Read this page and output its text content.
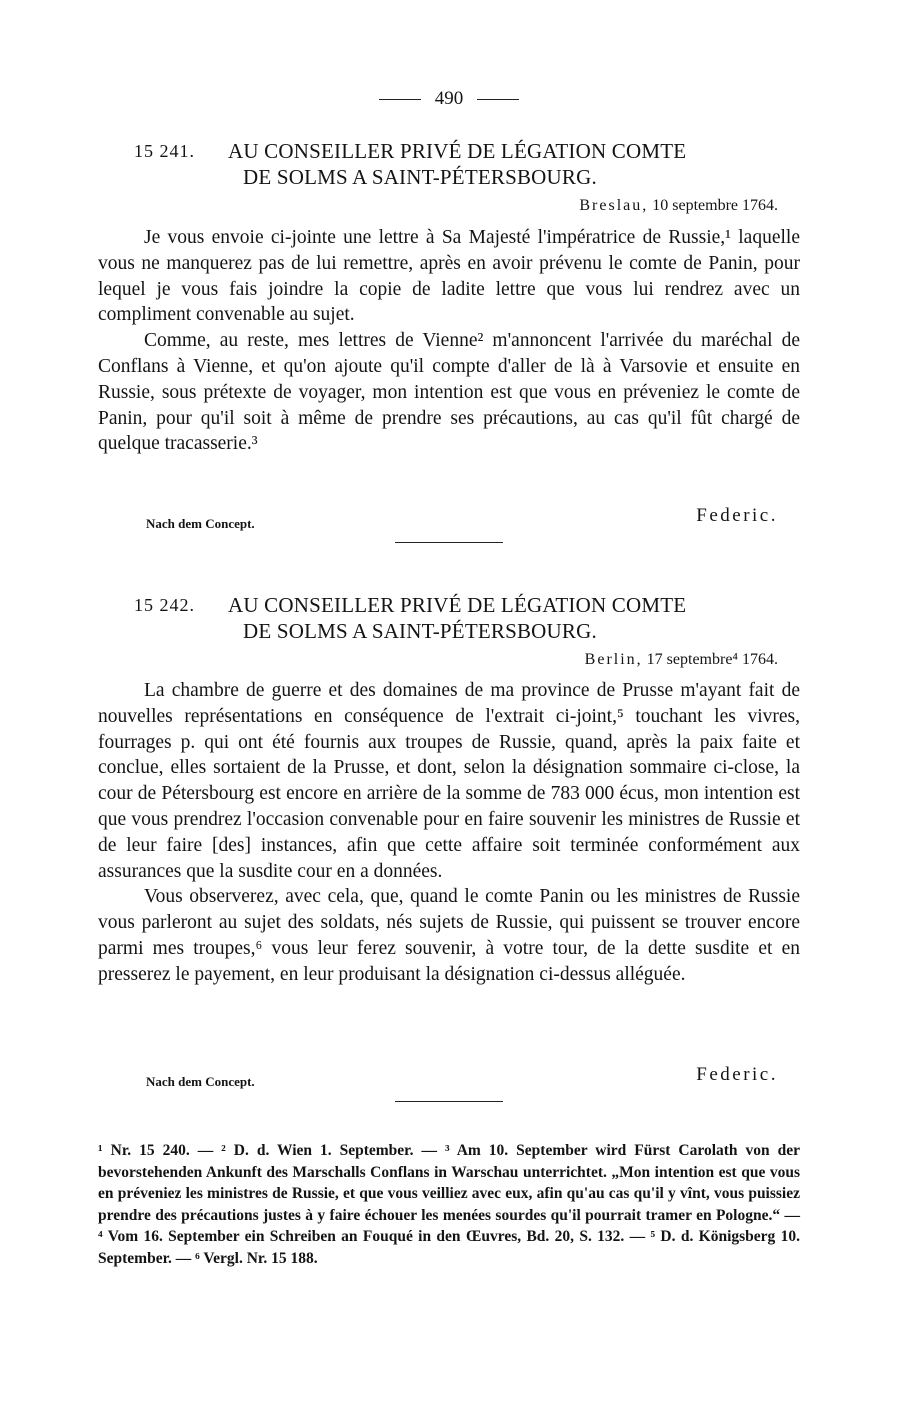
490
15 241. AU CONSEILLER PRIVÉ DE LÉGATION COMTE
DE SOLMS A SAINT-PÉTERSBOURG.
Breslau, 10 septembre 1764.

Je vous envoie ci-jointe une lettre à Sa Majesté l'impératrice de Russie,¹ laquelle vous ne manquerez pas de lui remettre, après en avoir prévenu le comte de Panin, pour lequel je vous fais joindre la copie de ladite lettre que vous lui rendrez avec un compliment convenable au sujet.

Comme, au reste, mes lettres de Vienne² m'annoncent l'arrivée du maréchal de Conflans à Vienne, et qu'on ajoute qu'il compte d'aller de là à Varsovie et ensuite en Russie, sous prétexte de voyager, mon intention est que vous en préveniez le comte de Panin, pour qu'il soit à même de prendre ses précautions, au cas qu'il fût chargé de quelque tracasserie.³

Nach dem Concept.	Federic.
15 242. AU CONSEILLER PRIVÉ DE LÉGATION COMTE
DE SOLMS A SAINT-PÉTERSBOURG.
Berlin, 17 septembre⁴ 1764.

La chambre de guerre et des domaines de ma province de Prusse m'ayant fait de nouvelles représentations en conséquence de l'extrait ci-joint,⁵ touchant les vivres, fourrages p. qui ont été fournis aux troupes de Russie, quand, après la paix faite et conclue, elles sortaient de la Prusse, et dont, selon la désignation sommaire ci-close, la cour de Pétersbourg est encore en arrière de la somme de 783 000 écus, mon intention est que vous prendrez l'occasion convenable pour en faire souvenir les ministres de Russie et de leur faire [des] instances, afin que cette affaire soit terminée conformément aux assurances que la susdite cour en a données.

Vous observerez, avec cela, que, quand le comte Panin ou les ministres de Russie vous parleront au sujet des soldats, nés sujets de Russie, qui puissent se trouver encore parmi mes troupes,⁶ vous leur ferez souvenir, à votre tour, de la dette susdite et en presserez le payement, en leur produisant la désignation ci-dessus alléguée.

Nach dem Concept.	Federic.

¹ Nr. 15 240. — ² D. d. Wien 1. September. — ³ Am 10. September wird Fürst Carolath von der bevorstehenden Ankunft des Marschalls Conflans in Warschau unterrichtet. „Mon intention est que vous en préveniez les ministres de Russie, et que vous veilliez avec eux, afin qu'au cas qu'il y vînt, vous puissiez prendre des précautions justes à y faire échouer les menées sourdes qu'il pourrait tramer en Pologne.“ — ⁴ Vom 16. September ein Schreiben an Fouqué in den Œuvres, Bd. 20, S. 132. — ⁵ D. d. Königsberg 10. September. — ⁶ Vergl. Nr. 15 188.
